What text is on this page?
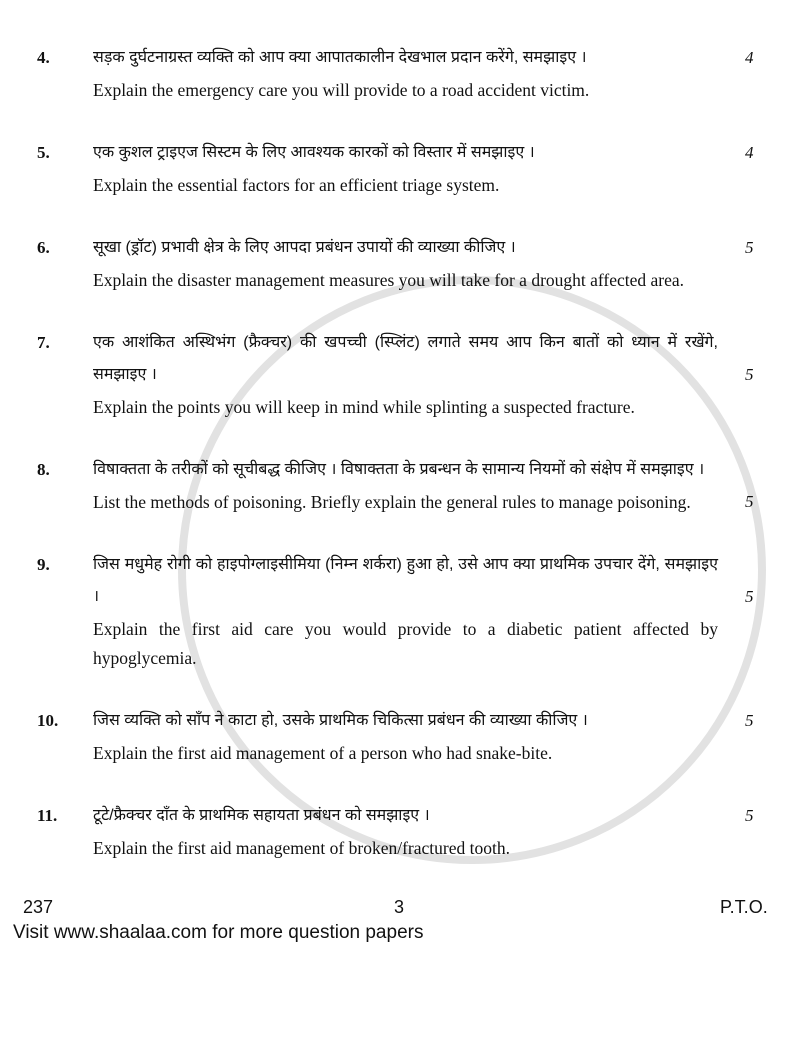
4.	सड़क दुर्घटनाग्रस्त व्यक्ति को आप क्या आपातकालीन देखभाल प्रदान करेंगे, समझाइए ।
Explain the emergency care you will provide to a road accident victim.
4
5.	एक कुशल ट्राइएज सिस्टम के लिए आवश्यक कारकों को विस्तार में समझाइए ।
Explain the essential factors for an efficient triage system.
4
6.	सूखा (ड्रॉट) प्रभावी क्षेत्र के लिए आपदा प्रबंधन उपायों की व्याख्या कीजिए ।
Explain the disaster management measures you will take for a drought affected area.
5
7.	एक आशंकित अस्थिभंग (फ्रैक्चर) की खपच्ची (स्प्लिंट) लगाते समय आप किन बातों को ध्यान में रखेंगे, समझाइए ।
Explain the points you will keep in mind while splinting a suspected fracture.
5
8.	विषाक्तता के तरीकों को सूचीबद्ध कीजिए । विषाक्तता के प्रबन्धन के सामान्य नियमों को संक्षेप में समझाइए ।
List the methods of poisoning. Briefly explain the general rules to manage poisoning.	5
9.	जिस मधुमेह रोगी को हाइपोग्लाइसीमिया (निम्न शर्करा) हुआ हो, उसे आप क्या प्राथमिक उपचार देंगे, समझाइए ।
Explain the first aid care you would provide to a diabetic patient affected by hypoglycemia.
5
10. जिस व्यक्ति को साँप ने काटा हो, उसके प्राथमिक चिकित्सा प्रबंधन की व्याख्या कीजिए ।
Explain the first aid management of a person who had snake-bite.
5
11. टूटे/फ्रैक्चर दाँत के प्राथमिक सहायता प्रबंधन को समझाइए ।
Explain the first aid management of broken/fractured tooth.
5
237	3	P.T.O.
Visit www.shaalaa.com for more question papers
